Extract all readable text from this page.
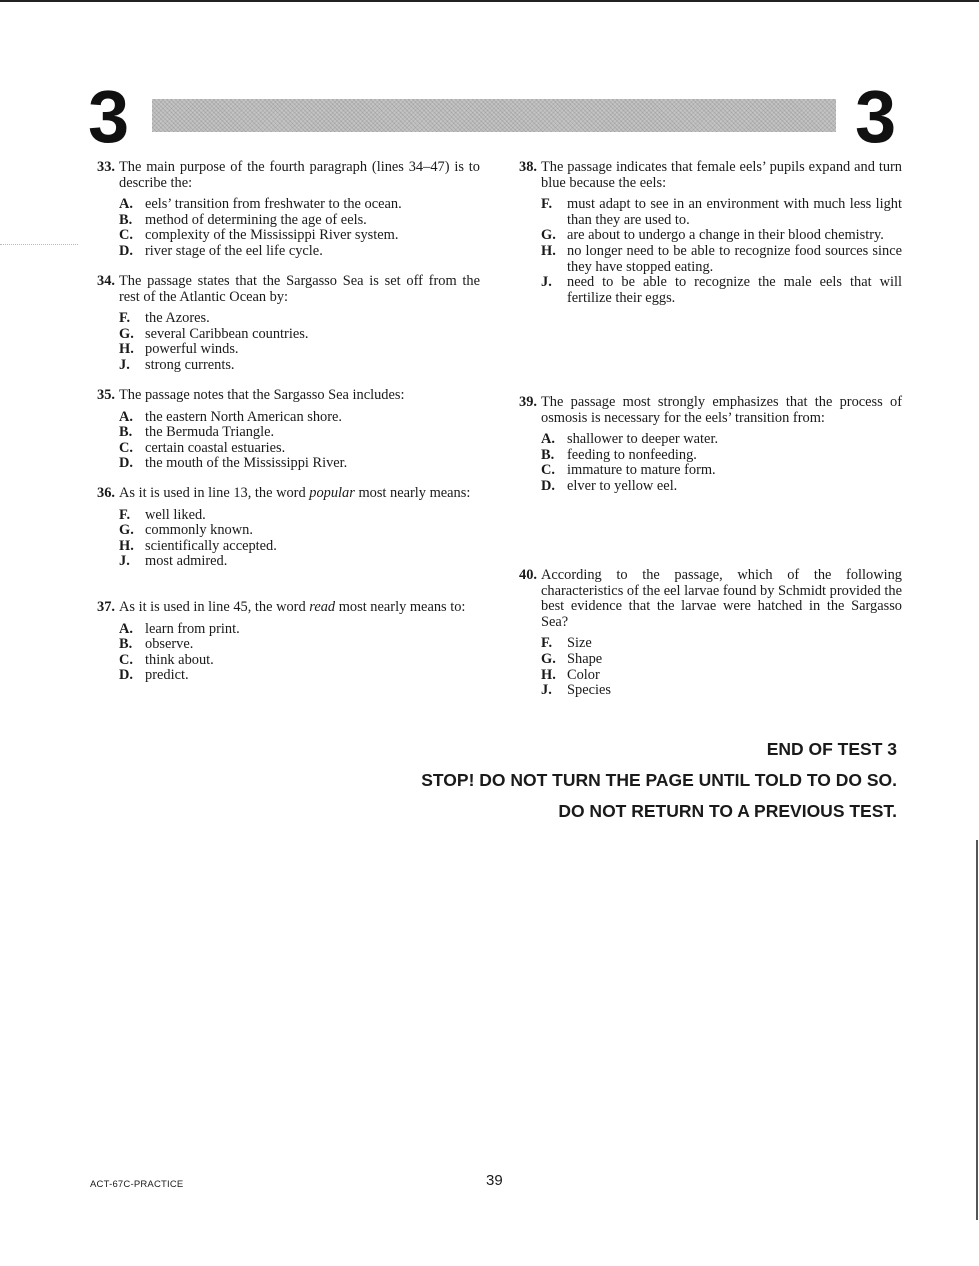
3	3
33. The main purpose of the fourth paragraph (lines 34–47) is to describe the:
A. eels’ transition from freshwater to the ocean.
B. method of determining the age of eels.
C. complexity of the Mississippi River system.
D. river stage of the eel life cycle.
34. The passage states that the Sargasso Sea is set off from the rest of the Atlantic Ocean by:
F.	the Azores.
G. several Caribbean countries.
H. powerful winds.
J.	strong currents.
35. The passage notes that the Sargasso Sea includes:
A. the eastern North American shore.
B. the Bermuda Triangle.
C. certain coastal estuaries.
D. the mouth of the Mississippi River.
36. As it is used in line 13, the word popular most nearly means:
F.	well liked.
G. commonly known.
H. scientifically accepted.
J.	most admired.
37. As it is used in line 45, the word read most nearly means to:
A. learn from print.
B. observe.
C. think about.
D. predict.
38. The passage indicates that female eels’ pupils expand and turn blue because the eels:
F.	must adapt to see in an environment with much less light than they are used to.
G. are about to undergo a change in their blood chemistry.
H. no longer need to be able to recognize food sources since they have stopped eating.
J.	need to be able to recognize the male eels that will fertilize their eggs.
39. The passage most strongly emphasizes that the process of osmosis is necessary for the eels’ transition from:
A. shallower to deeper water.
B. feeding to nonfeeding.
C. immature to mature form.
D. elver to yellow eel.
40. According to the passage, which of the following characteristics of the eel larvae found by Schmidt provided the best evidence that the larvae were hatched in the Sargasso Sea?
F.	Size
G. Shape
H. Color
J.	Species
END OF TEST 3
STOP! DO NOT TURN THE PAGE UNTIL TOLD TO DO SO.
DO NOT RETURN TO A PREVIOUS TEST.
ACT-67C-PRACTICE	39
